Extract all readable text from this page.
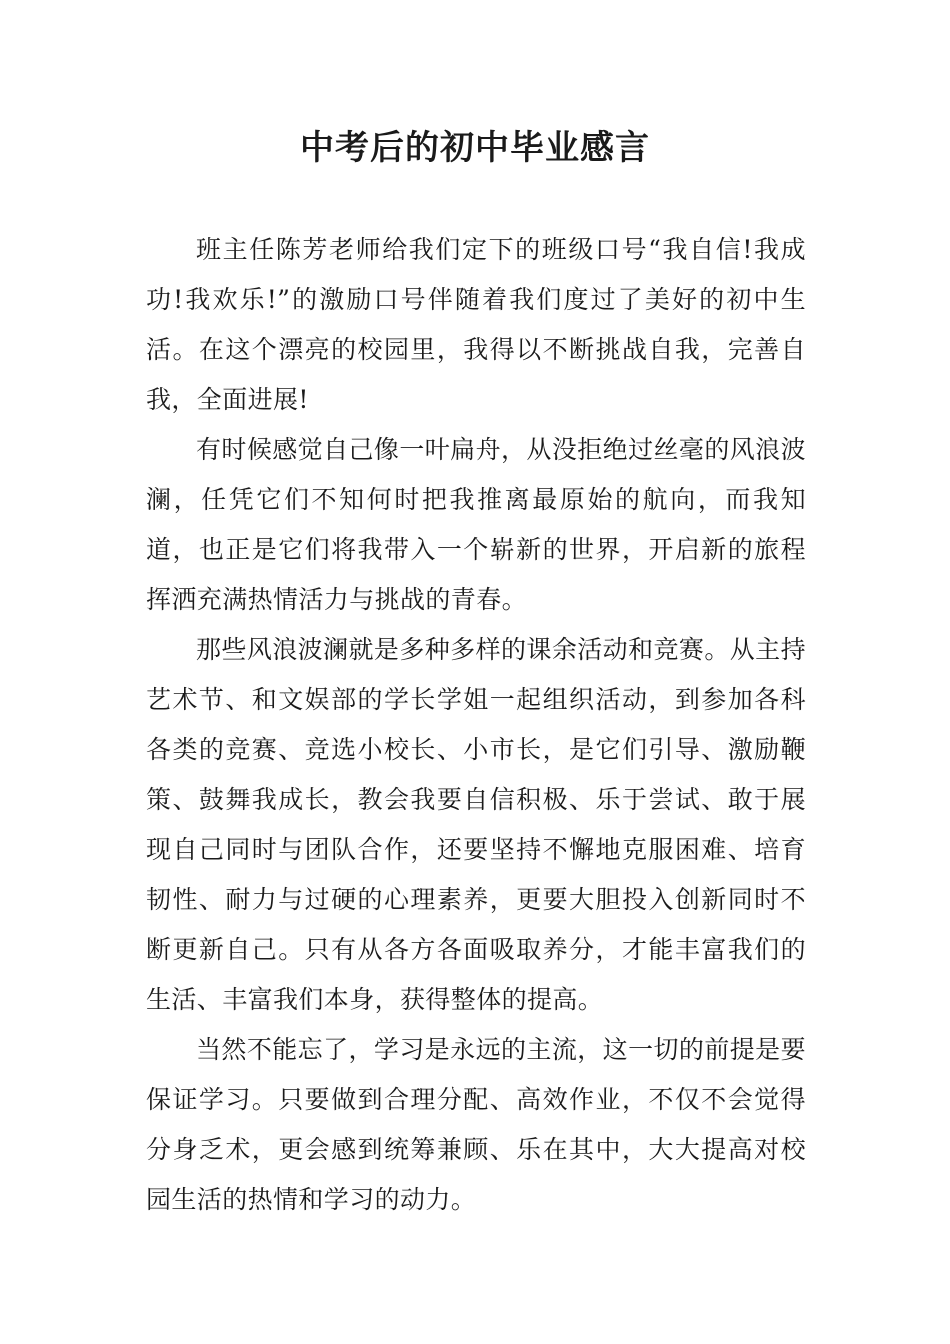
中考后的初中毕业感言

班主任陈芳老师给我们定下的班级口号“我自信!我成功!我欢乐!”的激励口号伴随着我们度过了美好的初中生活。在这个漂亮的校园里，我得以不断挑战自我，完善自我，全面进展!

有时候感觉自己像一叶扁舟，从没拒绝过丝毫的风浪波澜，任凭它们不知何时把我推离最原始的航向，而我知道，也正是它们将我带入一个崭新的世界，开启新的旅程挥洒充满热情活力与挑战的青春。

那些风浪波澜就是多种多样的课余活动和竞赛。从主持艺术节、和文娱部的学长学姐一起组织活动，到参加各科各类的竞赛、竞选小校长、小市长，是它们引导、激励鞭策、鼓舞我成长，教会我要自信积极、乐于尝试、敢于展现自己同时与团队合作，还要坚持不懈地克服困难、培育韧性、耐力与过硬的心理素养，更要大胆投入创新同时不断更新自己。只有从各方各面吸取养分，才能丰富我们的生活、丰富我们本身，获得整体的提高。

当然不能忘了，学习是永远的主流，这一切的前提是要保证学习。只要做到合理分配、高效作业，不仅不会觉得分身乏术，更会感到统筹兼顾、乐在其中，大大提高对校园生活的热情和学习的动力。
